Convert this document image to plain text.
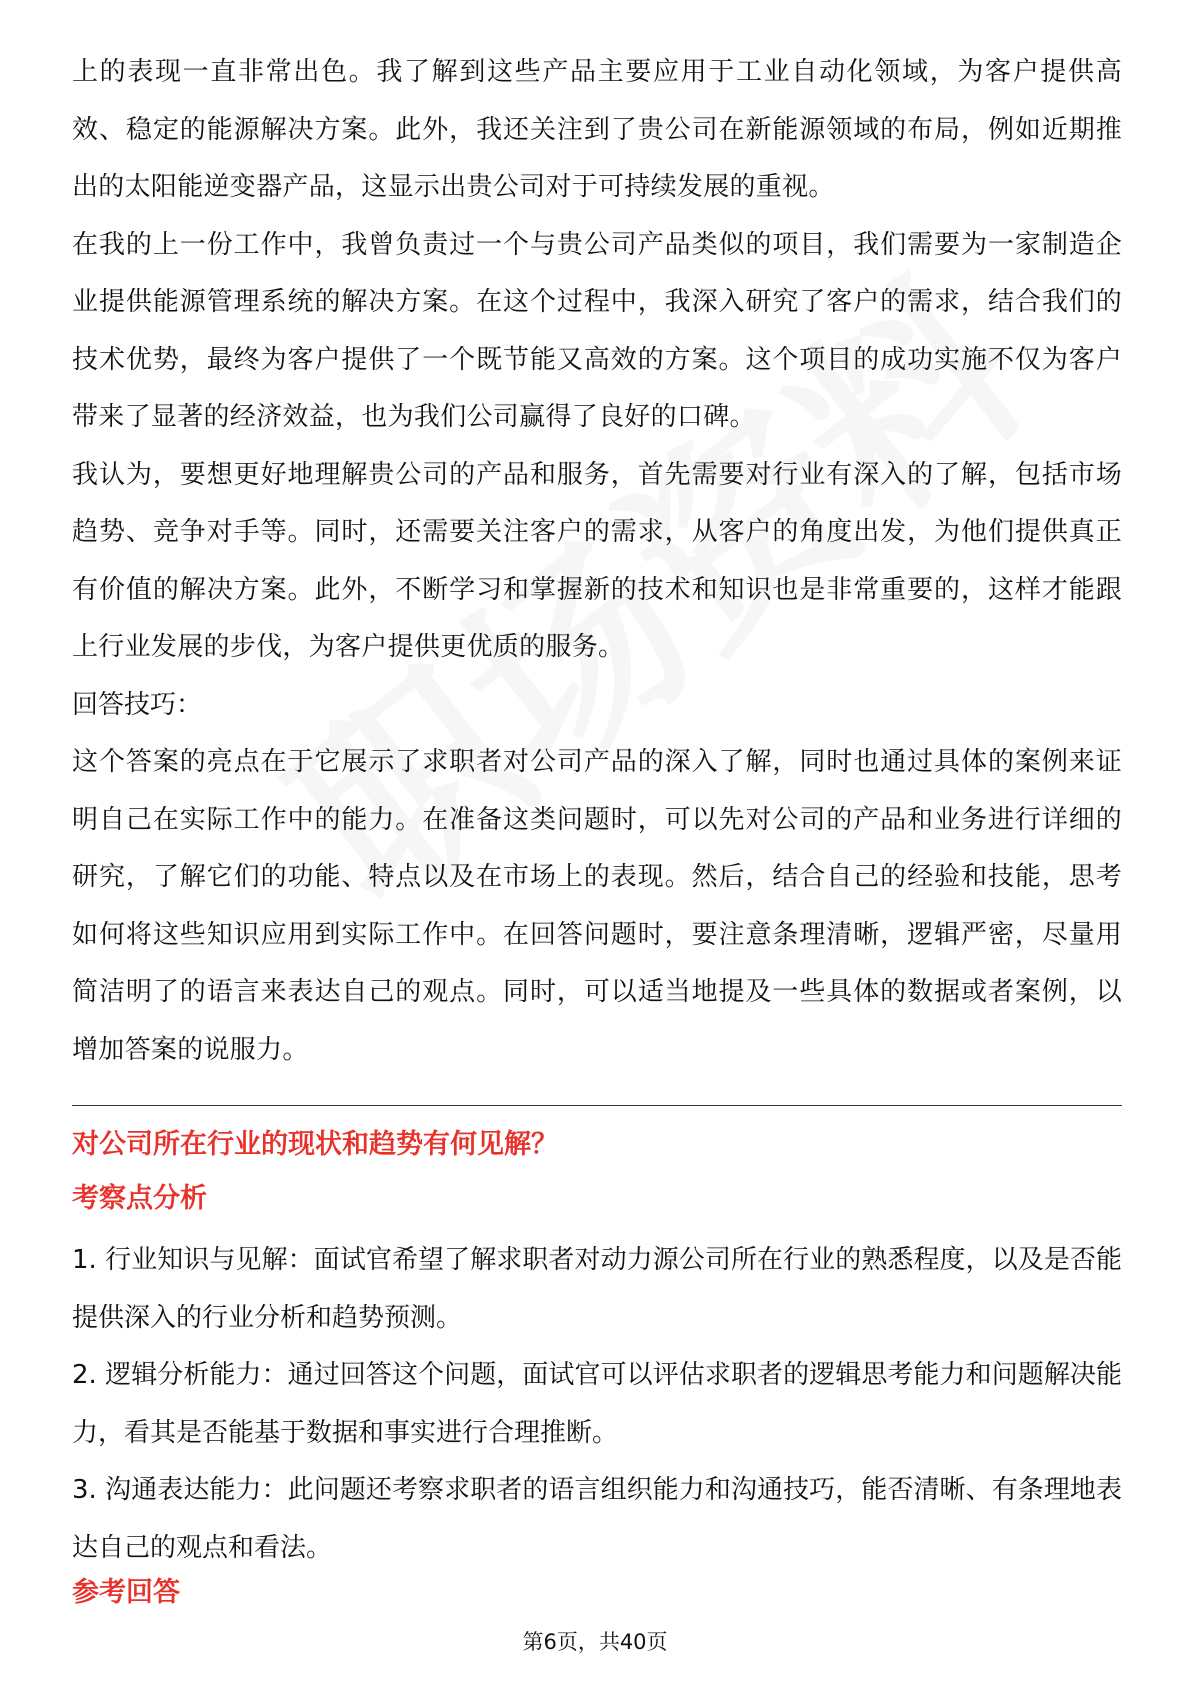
上的表现一直非常出色。我了解到这些产品主要应用于工业自动化领域，为客户提供高效、稳定的能源解决方案。此外，我还关注到了贵公司在新能源领域的布局，例如近期推出的太阳能逆变器产品，这显示出贵公司对于可持续发展的重视。

在我的上一份工作中，我曾负责过一个与贵公司产品类似的项目，我们需要为一家制造企业提供能源管理系统的解决方案。在这个过程中，我深入研究了客户的需求，结合我们的技术优势，最终为客户提供了一个既节能又高效的方案。这个项目的成功实施不仅为客户带来了显著的经济效益，也为我们公司赢得了良好的口碑。

我认为，要想更好地理解贵公司的产品和服务，首先需要对行业有深入的了解，包括市场趋势、竞争对手等。同时，还需要关注客户的需求，从客户的角度出发，为他们提供真正有价值的解决方案。此外，不断学习和掌握新的技术和知识也是非常重要的，这样才能跟上行业发展的步伐，为客户提供更优质的服务。

回答技巧：

这个答案的亮点在于它展示了求职者对公司产品的深入了解，同时也通过具体的案例来证明自己在实际工作中的能力。在准备这类问题时，可以先对公司的产品和业务进行详细的研究，了解它们的功能、特点以及在市场上的表现。然后，结合自己的经验和技能，思考如何将这些知识应用到实际工作中。在回答问题时，要注意条理清晰，逻辑严密，尽量用简洁明了的语言来表达自己的观点。同时，可以适当地提及一些具体的数据或者案例，以增加答案的说服力。

对公司所在行业的现状和趋势有何见解？

考察点分析

1. 行业知识与见解：面试官希望了解求职者对动力源公司所在行业的熟悉程度，以及是否能提供深入的行业分析和趋势预测。

2. 逻辑分析能力：通过回答这个问题，面试官可以评估求职者的逻辑思考能力和问题解决能力，看其是否能基于数据和事实进行合理推断。

3. 沟通表达能力：此问题还考察求职者的语言组织能力和沟通技巧，能否清晰、有条理地表达自己的观点和看法。

参考回答

第6页，共40页
